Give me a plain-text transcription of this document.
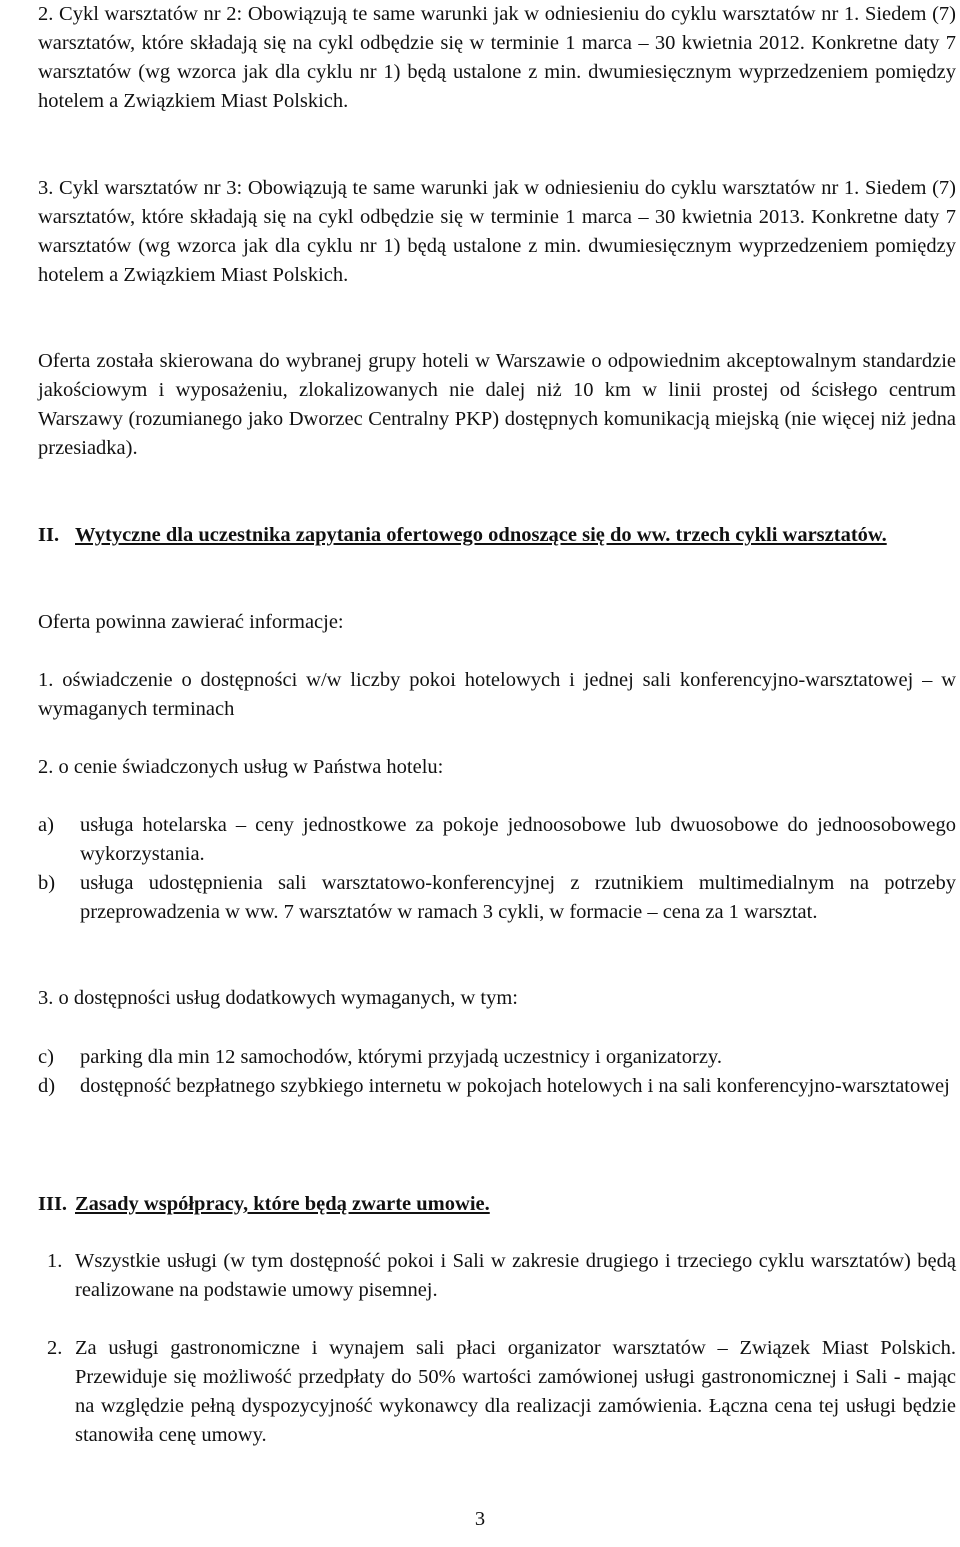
2. Cykl warsztatów nr 2: Obowiązują te same warunki jak w odniesieniu do cyklu warsztatów nr 1. Siedem (7) warsztatów, które składają się na cykl odbędzie się w terminie 1 marca – 30 kwietnia 2012. Konkretne daty 7 warsztatów (wg wzorca jak dla cyklu nr 1) będą ustalone z min. dwumiesięcznym wyprzedzeniem pomiędzy hotelem a Związkiem Miast Polskich.

3. Cykl warsztatów nr 3: Obowiązują te same warunki jak w odniesieniu do cyklu warsztatów nr 1. Siedem (7) warsztatów, które składają się na cykl odbędzie się w terminie 1 marca – 30 kwietnia 2013. Konkretne daty 7 warsztatów (wg wzorca jak dla cyklu nr 1) będą ustalone z min. dwumiesięcznym wyprzedzeniem pomiędzy hotelem a Związkiem Miast Polskich.

Oferta została skierowana do wybranej grupy hoteli w Warszawie o odpowiednim akceptowalnym standardzie jakościowym i wyposażeniu, zlokalizowanych nie dalej niż 10 km w linii prostej od ścisłego centrum Warszawy (rozumianego jako Dworzec Centralny PKP) dostępnych komunikacją miejską (nie więcej niż jedna przesiadka).

II. Wytyczne dla uczestnika zapytania ofertowego odnoszące się do ww. trzech cykli warsztatów.

Oferta powinna zawierać informacje:

1. oświadczenie o dostępności w/w liczby pokoi hotelowych i jednej sali konferencyjno-warsztatowej – w wymaganych terminach

2. o cenie świadczonych usług w Państwa hotelu:

a) usługa hotelarska – ceny jednostkowe za pokoje jednoosobowe lub dwuosobowe do jednoosobowego wykorzystania.
b) usługa udostępnienia sali warsztatowo-konferencyjnej z rzutnikiem multimedialnym na potrzeby przeprowadzenia w ww. 7 warsztatów w ramach 3 cykli, w formacie – cena za 1 warsztat.

3. o dostępności usług dodatkowych wymaganych, w tym:

c) parking dla min 12 samochodów, którymi przyjadą uczestnicy i organizatorzy.
d) dostępność bezpłatnego szybkiego internetu w pokojach hotelowych i na sali konferencyjno-warsztatowej
III. Zasady współpracy, które będą zwarte umowie.
1. Wszystkie usługi (w tym dostępność pokoi i Sali w zakresie drugiego i trzeciego cyklu warsztatów) będą realizowane na podstawie umowy pisemnej.
2. Za usługi gastronomiczne i wynajem sali płaci organizator warsztatów – Związek Miast Polskich. Przewiduje się możliwość przedpłaty do 50% wartości zamówionej usługi gastronomicznej i Sali - mając na względzie pełną dyspozycyjność wykonawcy dla realizacji zamówienia. Łączna cena tej usługi będzie stanowiła cenę umowy.
3
